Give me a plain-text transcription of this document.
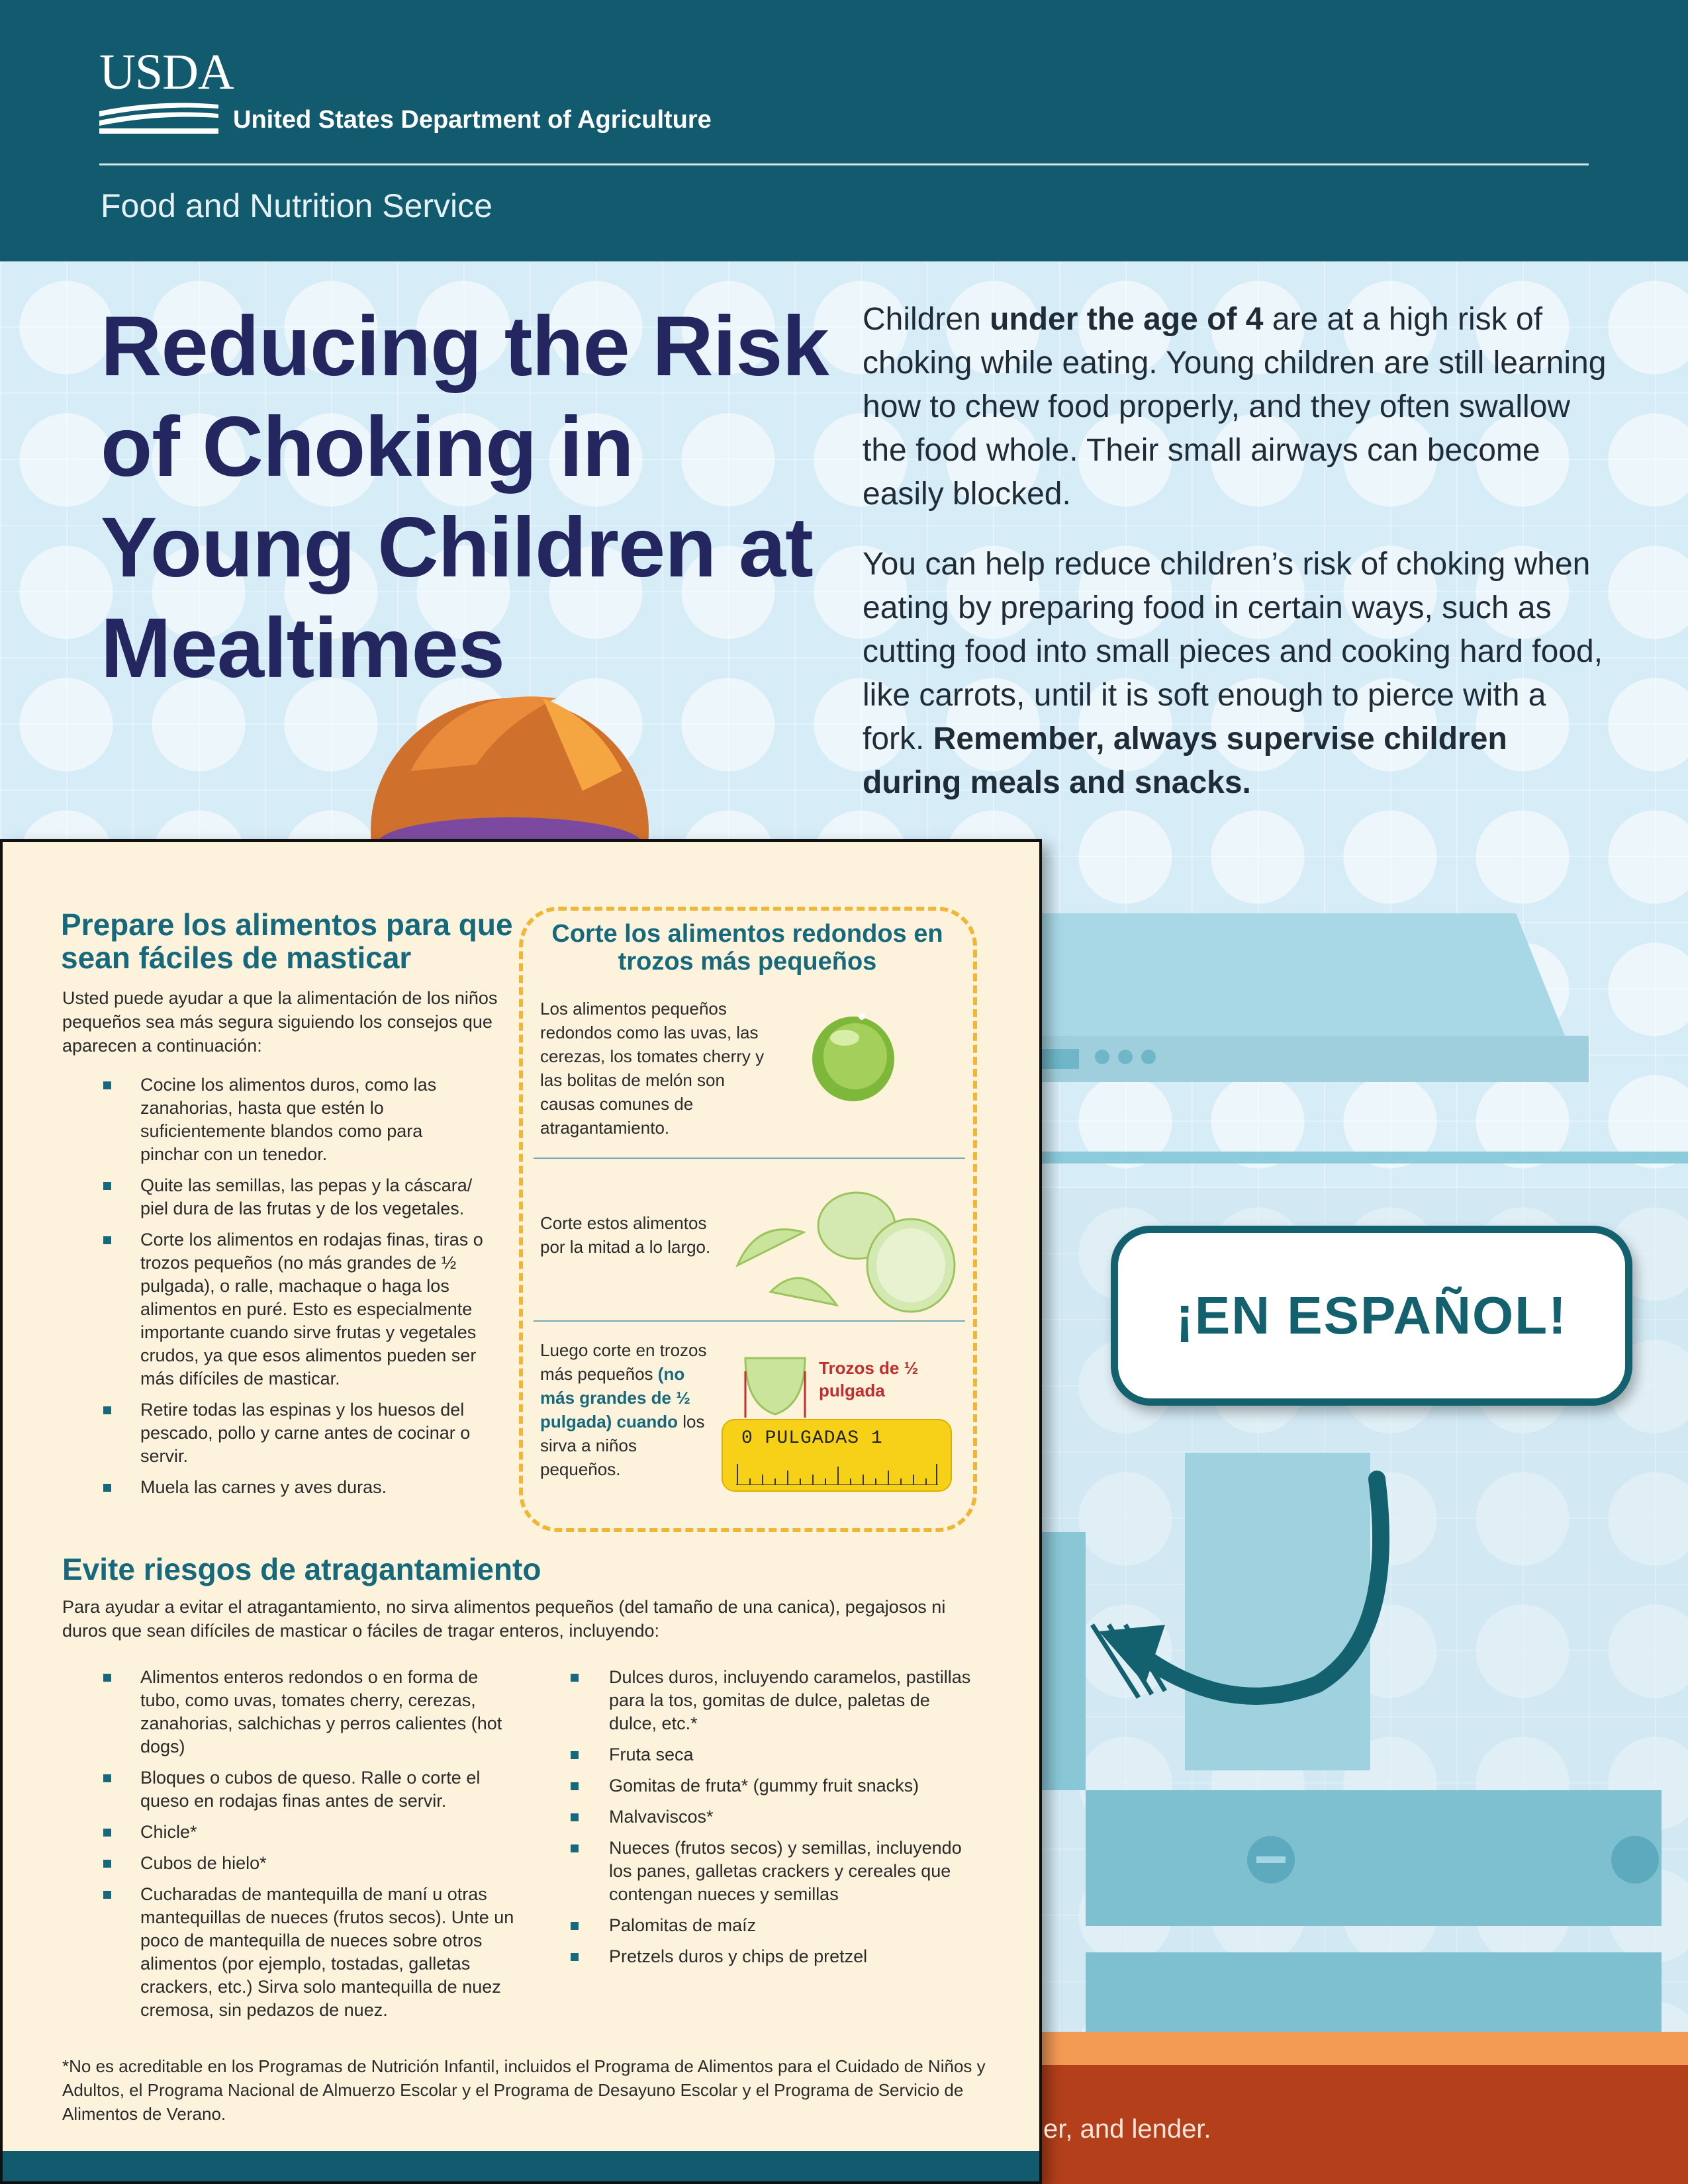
USDA
United States Department of Agriculture
Food and Nutrition Service
Reducing the Risk of Choking in Young Children at Mealtimes

Children under the age of 4 are at a high risk of choking while eating. Young children are still learning how to chew food properly, and they often swallow the food whole. Their small airways can become easily blocked.

You can help reduce children’s risk of choking when eating by preparing food in certain ways, such as cutting food into small pieces and cooking hard food, like carrots, until it is soft enough to pierce with a fork. Remember, always supervise children during meals and snacks.

Prepare los alimentos para que sean fáciles de masticar

Usted puede ayudar a que la alimentación de los niños pequeños sea más segura siguiendo los consejos que aparecen a continuación:

Cocine los alimentos duros, como las zanahorias, hasta que estén lo suficientemente blandos como para pinchar con un tenedor.
Quite las semillas, las pepas y la cáscara/ piel dura de las frutas y de los vegetales.
Corte los alimentos en rodajas finas, tiras o trozos pequeños (no más grandes de ½ pulgada), o ralle, machaque o haga los alimentos en puré. Esto es especialmente importante cuando sirve frutas y vegetales crudos, ya que esos alimentos pueden ser más difíciles de masticar.
Retire todas las espinas y los huesos del pescado, pollo y carne antes de cocinar o servir.
Muela las carnes y aves duras.
Corte los alimentos redondos en trozos más pequeños

Los alimentos pequeños redondos como las uvas, las cerezas, los tomates cherry y las bolitas de melón son causas comunes de atragantamiento.

Corte estos alimentos por la mitad a lo largo.

Luego corte en trozos más pequeños (no más grandes de ½ pulgada) cuando los sirva a niños pequeños.

Trozos de ½ pulgada

0 PULGADAS 1
Evite riesgos de atragantamiento

Para ayudar a evitar el atragantamiento, no sirva alimentos pequeños (del tamaño de una canica), pegajosos ni duros que sean difíciles de masticar o fáciles de tragar enteros, incluyendo:

Alimentos enteros redondos o en forma de tubo, como uvas, tomates cherry, cerezas, zanahorias, salchichas y perros calientes (hot dogs)
Bloques o cubos de queso. Ralle o corte el queso en rodajas finas antes de servir.
Chicle*
Cubos de hielo*
Cucharadas de mantequilla de maní u otras mantequillas de nueces (frutos secos). Unte un poco de mantequilla de nueces sobre otros alimentos (por ejemplo, tostadas, galletas crackers, etc.) Sirva solo mantequilla de nuez cremosa, sin pedazos de nuez.
Dulces duros, incluyendo caramelos, pastillas para la tos, gomitas de dulce, paletas de dulce, etc.*
Fruta seca
Gomitas de fruta* (gummy fruit snacks)
Malvaviscos*
Nueces (frutos secos) y semillas, incluyendo los panes, galletas crackers y cereales que contengan nueces y semillas
Palomitas de maíz
Pretzels duros y chips de pretzel

*No es acreditable en los Programas de Nutrición Infantil, incluidos el Programa de Alimentos para el Cuidado de Niños y Adultos, el Programa Nacional de Almuerzo Escolar y el Programa de Desayuno Escolar y el Programa de Servicio de Alimentos de Verano.

¡EN ESPAÑOL!
er, and lender.
